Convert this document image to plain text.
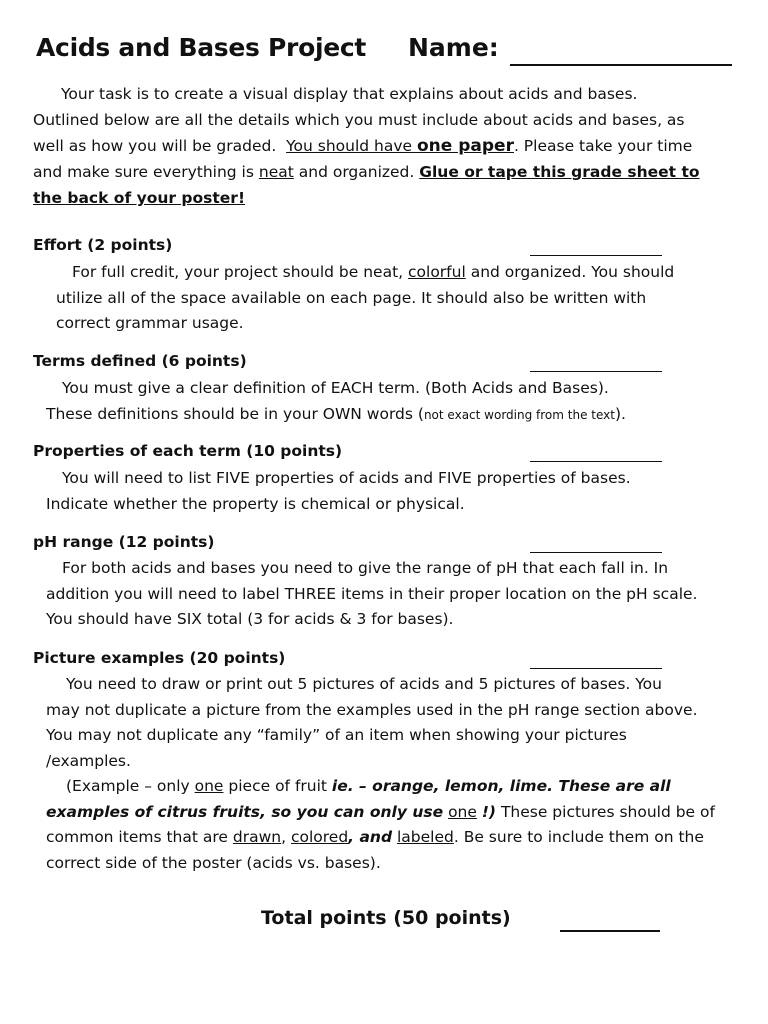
Acids and Bases Project Name:

Your task is to create a visual display that explains about acids and bases.

Outlined below are all the details which you must include about acids and bases, as

well as how you will be graded. You should have one paper. Please take your time

and make sure everything is neat and organized. Glue or tape this grade sheet to

the back of your poster!

Effort (2 points)

For full credit, your project should be neat, colorful and organized. You should

utilize all of the space available on each page. It should also be written with

correct grammar usage.

Terms defined (6 points)

You must give a clear definition of EACH term. (Both Acids and Bases).

These definitions should be in your OWN words (not exact wording from the text).

Properties of each term (10 points)

You will need to list FIVE properties of acids and FIVE properties of bases.

Indicate whether the property is chemical or physical.

pH range (12 points)

For both acids and bases you need to give the range of pH that each fall in. In

addition you will need to label THREE items in their proper location on the pH scale.

You should have SIX total (3 for acids & 3 for bases).

Picture examples (20 points)

You need to draw or print out 5 pictures of acids and 5 pictures of bases. You

may not duplicate a picture from the examples used in the pH range section above.

You may not duplicate any “family” of an item when showing your pictures

/examples.

(Example – only one piece of fruit ie. – orange, lemon, lime. These are all

examples of citrus fruits, so you can only use one !) These pictures should be of

common items that are drawn, colored, and labeled. Be sure to include them on the

correct side of the poster (acids vs. bases).

Total points (50 points)
